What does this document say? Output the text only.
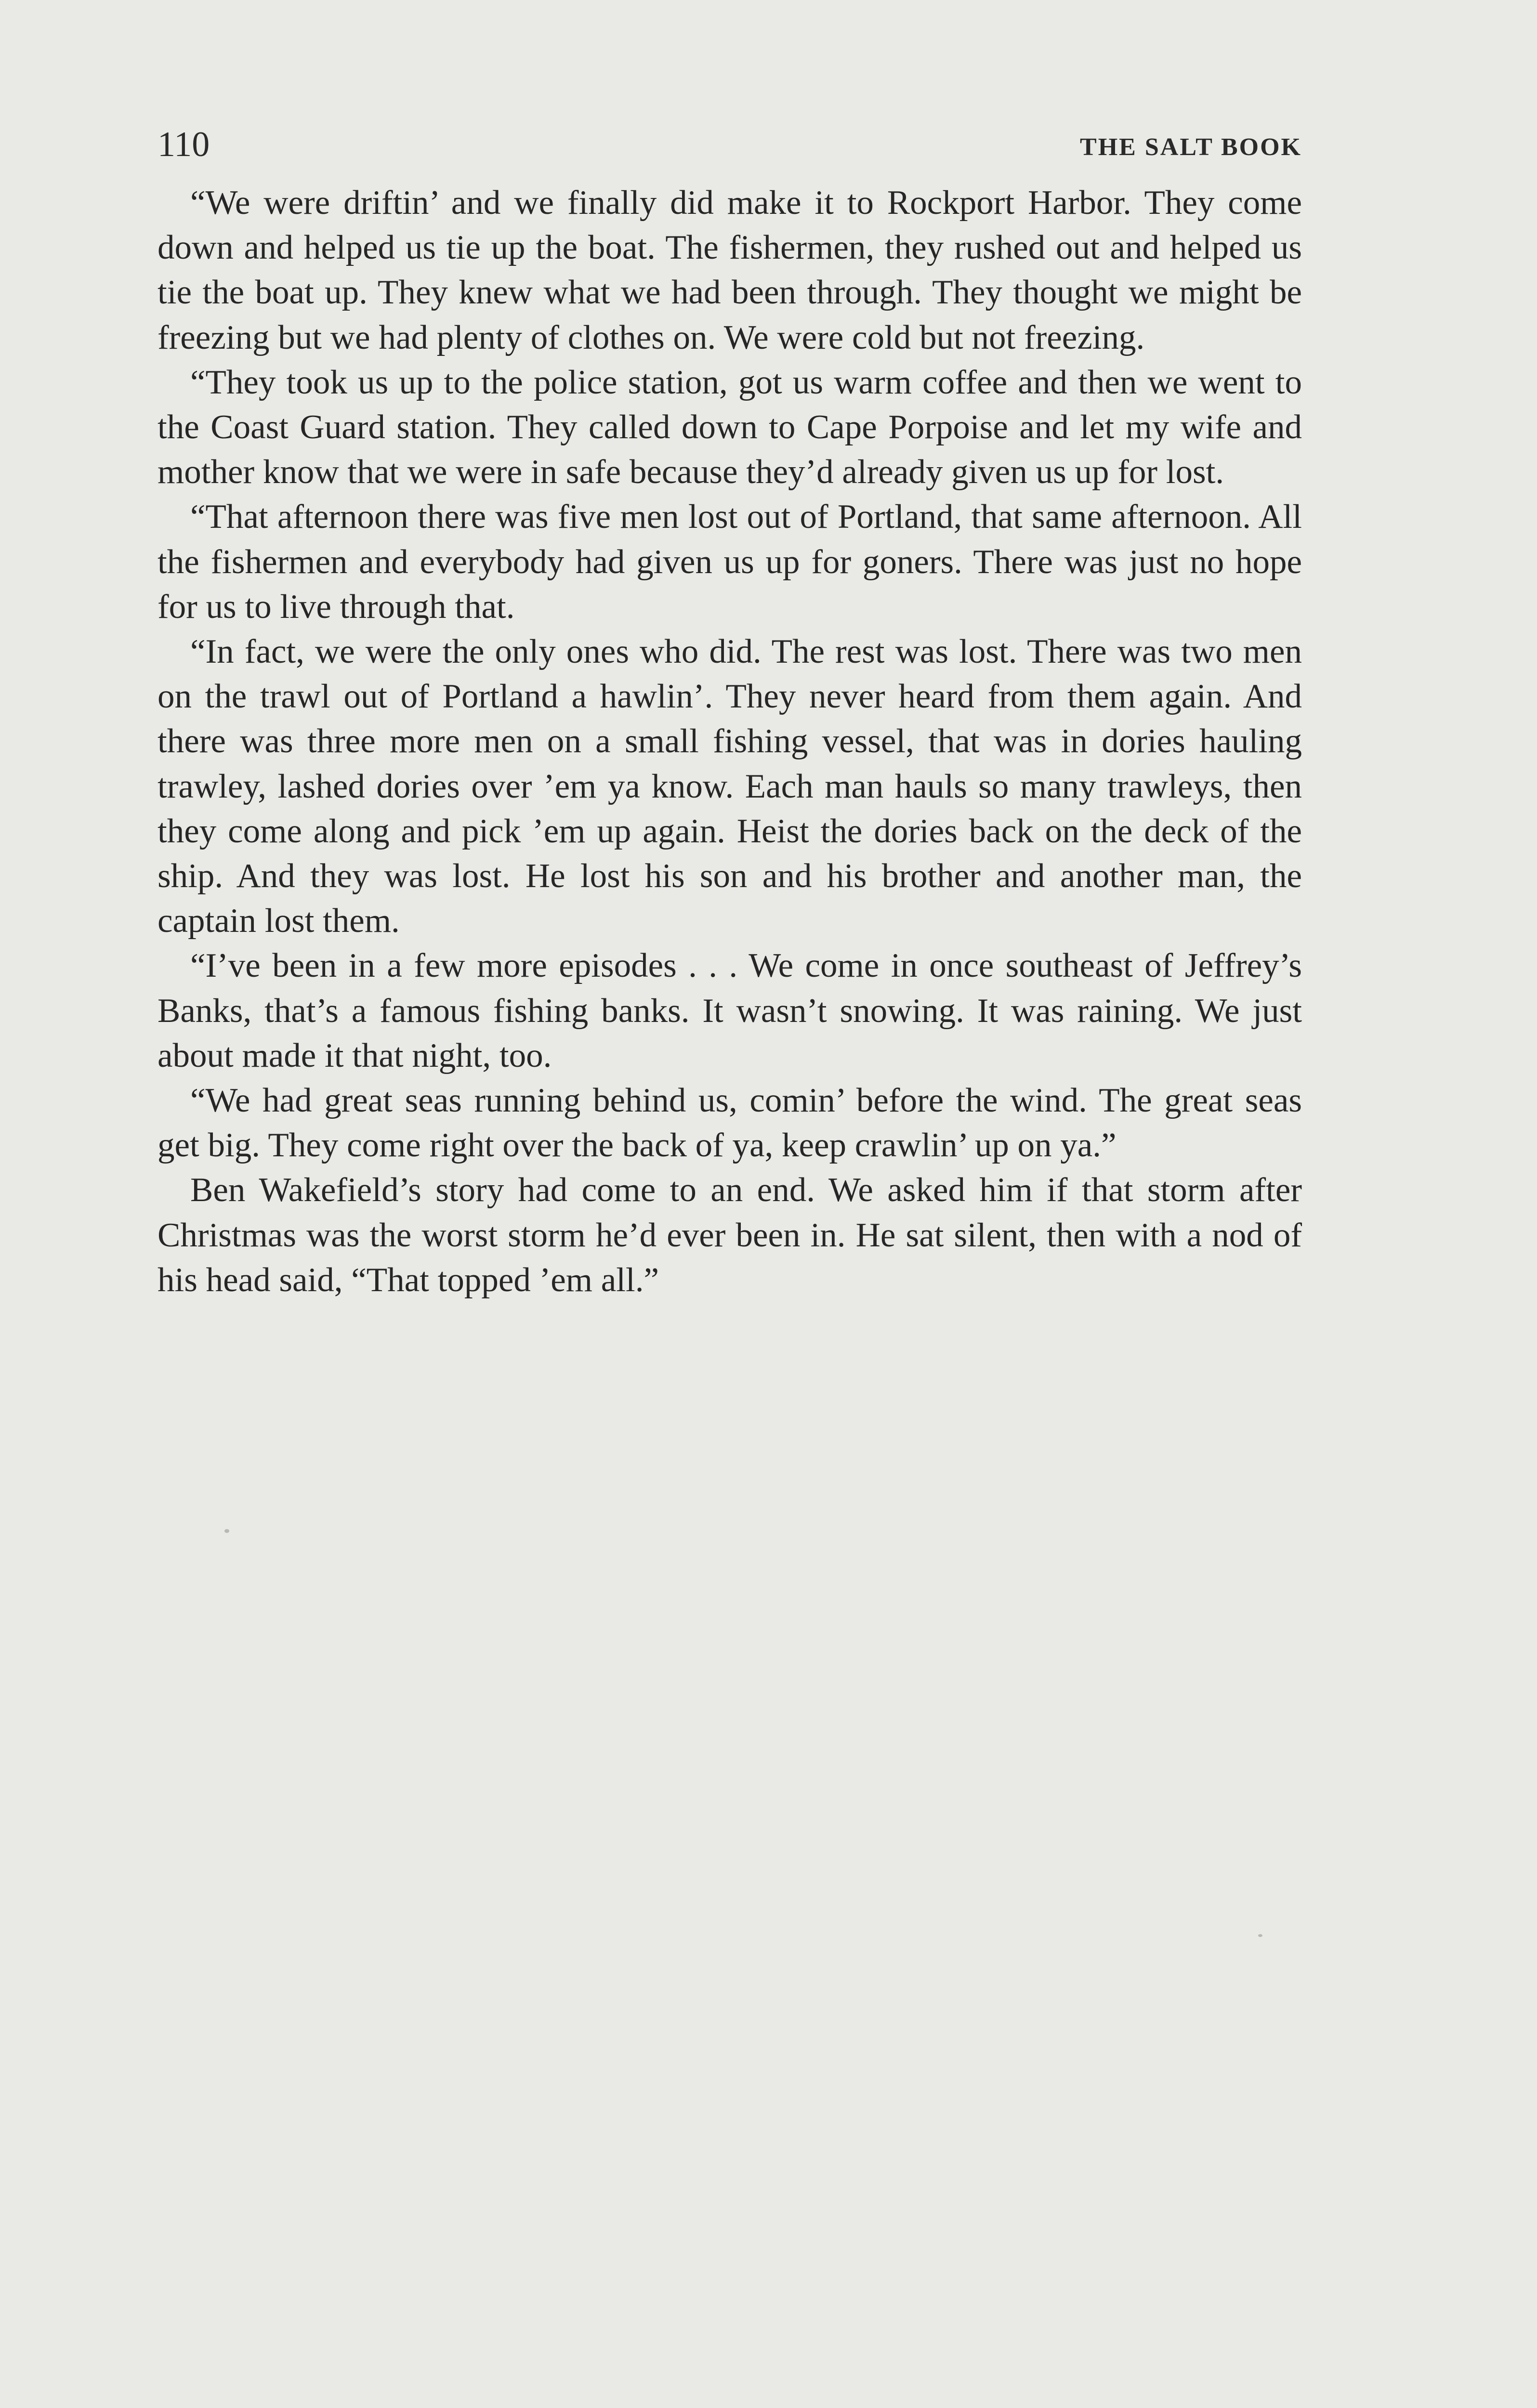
110	THE SALT BOOK

“We were driftin’ and we finally did make it to Rockport Harbor. They come down and helped us tie up the boat. The fishermen, they rushed out and helped us tie the boat up. They knew what we had been through. They thought we might be freezing but we had plenty of clothes on. We were cold but not freezing.

“They took us up to the police station, got us warm coffee and then we went to the Coast Guard station. They called down to Cape Porpoise and let my wife and mother know that we were in safe because they’d already given us up for lost.

“That afternoon there was five men lost out of Portland, that same afternoon. All the fishermen and everybody had given us up for goners. There was just no hope for us to live through that.

“In fact, we were the only ones who did. The rest was lost. There was two men on the trawl out of Portland a hawlin’. They never heard from them again. And there was three more men on a small fishing vessel, that was in dories hauling trawley, lashed dories over ’em ya know. Each man hauls so many trawleys, then they come along and pick ’em up again. Heist the dories back on the deck of the ship. And they was lost. He lost his son and his brother and another man, the captain lost them.

“I’ve been in a few more episodes . . . We come in once southeast of Jeffrey’s Banks, that’s a famous fishing banks. It wasn’t snowing. It was raining. We just about made it that night, too.

“We had great seas running behind us, comin’ before the wind. The great seas get big. They come right over the back of ya, keep crawlin’ up on ya.”

Ben Wakefield’s story had come to an end. We asked him if that storm after Christmas was the worst storm he’d ever been in. He sat silent, then with a nod of his head said, “That topped ’em all.”
